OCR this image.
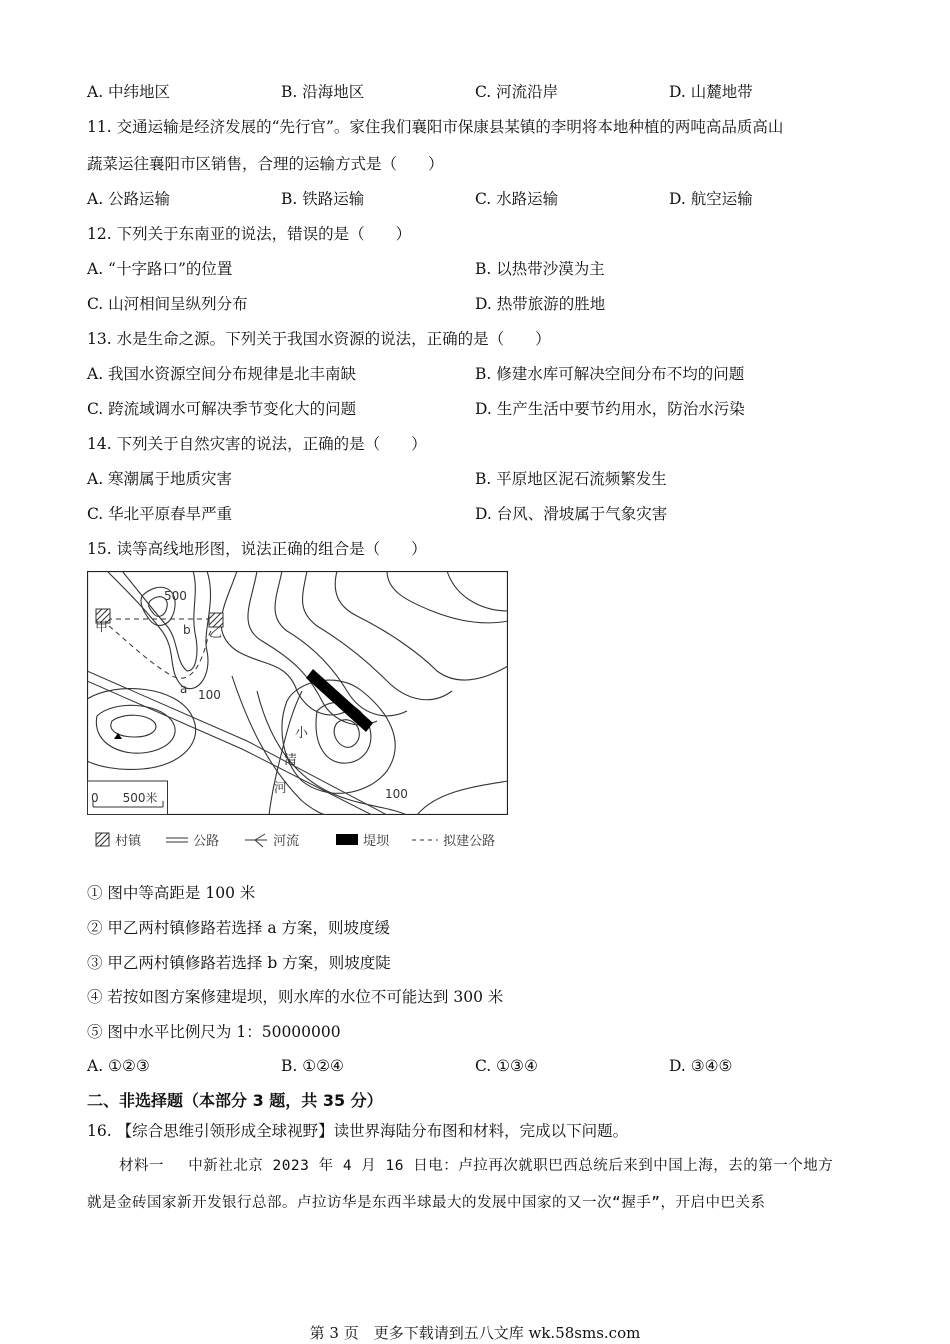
A. 中纬地区	B. 沿海地区	C. 河流沿岸	D. 山麓地带
11. 交通运输是经济发展的“先行官”。家住我们襄阳市保康县某镇的李明将本地种植的两吨高品质高山
蔬菜运往襄阳市区销售，合理的运输方式是（　　）
A. 公路运输	B. 铁路运输	C. 水路运输	D. 航空运输
12. 下列关于东南亚的说法，错误的是（　　）
A. “十字路口”的位置	B. 以热带沙漠为主
C. 山河相间呈纵列分布	D. 热带旅游的胜地
13. 水是生命之源。下列关于我国水资源的说法，正确的是（　　）
A. 我国水资源空间分布规律是北丰南缺	B. 修建水库可解决空间分布不均的问题
C. 跨流域调水可解决季节变化大的问题	D. 生产生活中要节约用水，防治水污染
14. 下列关于自然灾害的说法，正确的是（　　）
A. 寒潮属于地质灾害	B. 平原地区泥石流频繁发生
C. 华北平原春旱严重	D. 台风、滑坡属于气象灾害
15. 读等高线地形图，说法正确的组合是（　　）
500
100
100
甲	乙
a
b
小
清
河
0　　500米
村镇	公路	河流	堤坝	拟建公路
① 图中等高距是 100 米
② 甲乙两村镇修路若选择 a 方案，则坡度缓
③ 甲乙两村镇修路若选择 b 方案，则坡度陡
④ 若按如图方案修建堤坝，则水库的水位不可能达到 300 米
⑤ 图中水平比例尺为 1：50000000
A. ①②③	B. ①②④	C. ①③④	D. ③④⑤
二、非选择题（本部分 3 题，共 35 分）
16. 【综合思维引领形成全球视野】读世界海陆分布图和材料，完成以下问题。
材料一　 中新社北京 2023 年 4 月 16 日电：卢拉再次就职巴西总统后来到中国上海，去的第一个地方
就是金砖国家新开发银行总部。卢拉访华是东西半球最大的发展中国家的又一次“握手”，开启中巴关系
第 3 页　更多下载请到五八文库 wk.58sms.com
